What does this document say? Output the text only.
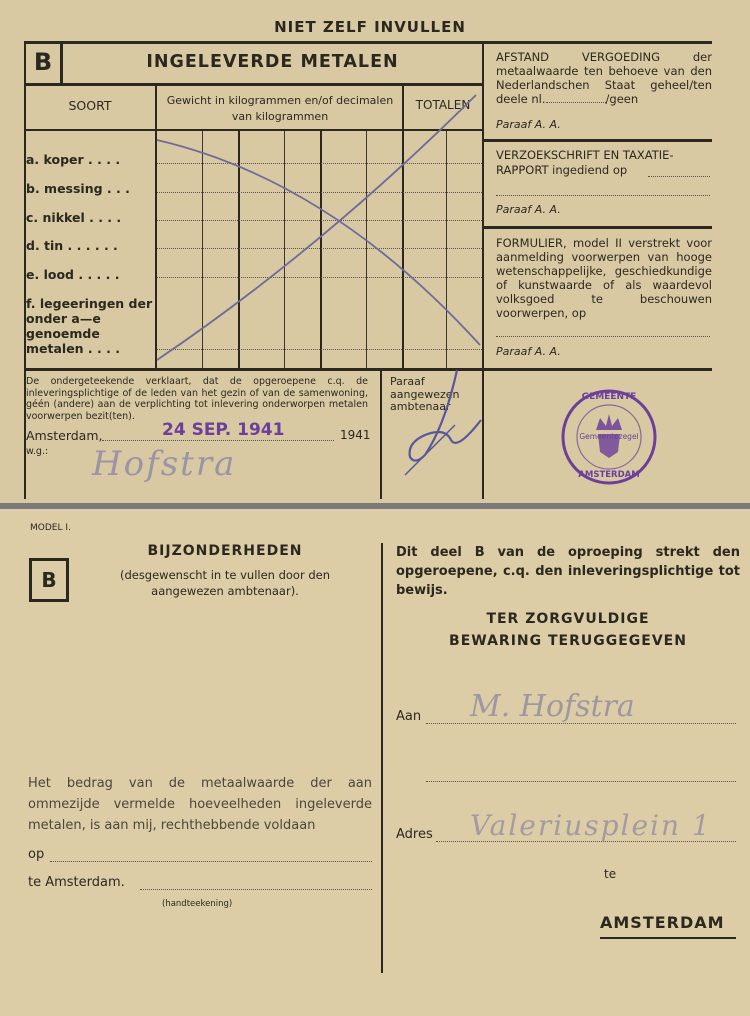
NIET ZELF INVULLEN
B	INGELEVERDE METALEN
SOORT	Gewicht in kilogrammen en/of decimalen van kilogrammen
TOTALEN
a. koper . . . .
b. messing . . .
c. nikkel . . . .
d. tin . . . . . .
e. lood . . . . .
f. legeeringen der onder a—e genoemde metalen . . . .
De ondergeteekende verklaart, dat de opgeroepene c.q. de inleveringsplichtige of de leden van het gezin of van de samenwoning, géén (andere) aan de verplichting tot inlevering onderworpen metalen voorwerpen bezit(ten).
Amsterdam,	24 SEP. 1941	1941
w.g.: Hofstra
Paraaf aangewezen ambtenaar
AFSTAND VERGOEDING der metaalwaarde ten behoeve van den Nederlandschen Staat geheel/ten deele nl.	/geen
Paraaf A. A.
VERZOEKSCHRIFT EN TAXATIE-RAPPORT ingediend op
Paraaf A. A.
FORMULIER, model II verstrekt voor aanmelding voorwerpen van hooge wetenschappelijke, geschiedkundige of kunstwaarde of als waardevol volksgoed te beschouwen voorwerpen, op
Paraaf A. A.
GEMEENTE
Gemeentezegel
AMSTERDAM
MODEL I.
B
BIJZONDERHEDEN
(desgewenscht in te vullen door den aangewezen ambtenaar).
Het bedrag van de metaalwaarde der aan ommezijde vermelde hoeveelheden ingeleverde metalen, is aan mij, rechthebbende voldaan
op
te Amsterdam.
(handteekening)
Dit deel B van de oproeping strekt den opgeroepene, c.q. den inleveringsplichtige tot bewijs.
TER ZORGVULDIGE
BEWARING TERUGGEGEVEN
Aan M. Hofstra
Adres Valeriusplein 1
te
AMSTERDAM
